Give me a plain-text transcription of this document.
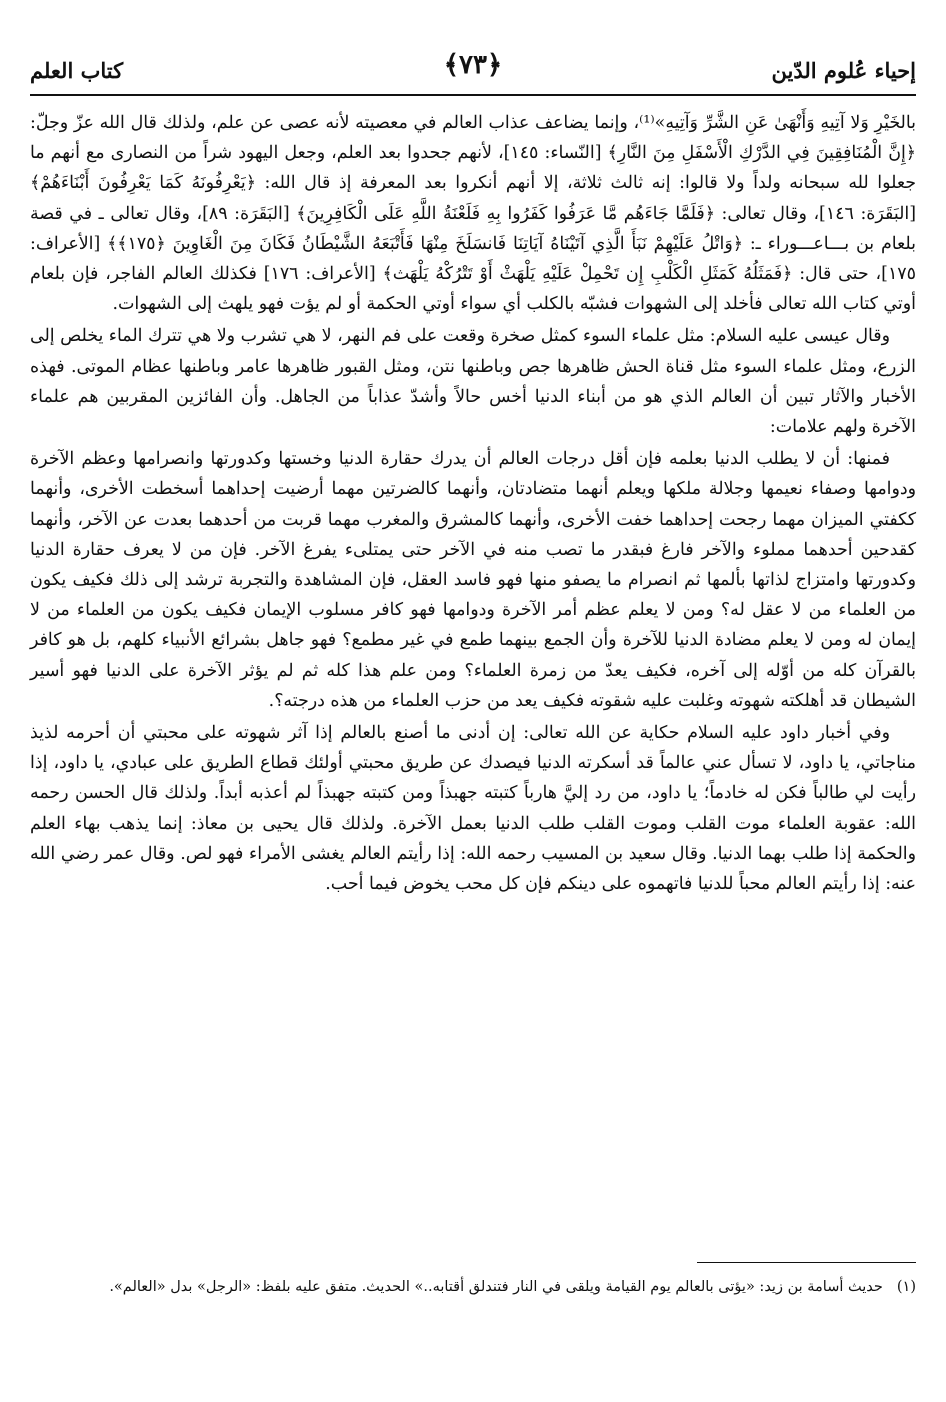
إحياء عُلوم الدّين
﴿٧٣﴾
كتاب العلم

بالخَيْرِ وَلا آتِيهِ وَأَنْهَىٰ عَنِ الشَّرِّ وَآتِيهِ»⁽¹⁾، وإنما يضاعف عذاب العالم في معصيته لأنه عصى عن علم، ولذلك قال الله عزّ وجلّ: ﴿إِنَّ الْمُنَافِقِينَ فِي الدَّرْكِ الْأَسْفَلِ مِنَ النَّارِ﴾ [النّساء: ١٤٥]، لأنهم جحدوا بعد العلم، وجعل اليهود شراً من النصارى مع أنهم ما جعلوا لله سبحانه ولداً ولا قالوا: إنه ثالث ثلاثة، إلا أنهم أنكروا بعد المعرفة إذ قال الله: ﴿يَعْرِفُونَهُ كَمَا يَعْرِفُونَ أَبْنَاءَهُمْ﴾ [البَقَرَة: ١٤٦]، وقال تعالى: ﴿فَلَمَّا جَاءَهُم مَّا عَرَفُوا كَفَرُوا بِهِ فَلَعْنَةُ اللَّهِ عَلَى الْكَافِرِينَ﴾ [البَقَرَة: ٨٩]، وقال تعالى ـ في قصة بلعام بن بـــاعـــوراء ـ: ﴿وَاتْلُ عَلَيْهِمْ نَبَأَ الَّذِي آتَيْنَاهُ آيَاتِنَا فَانسَلَخَ مِنْهَا فَأَتْبَعَهُ الشَّيْطَانُ فَكَانَ مِنَ الْغَاوِينَ ﴿١٧٥﴾﴾ [الأعراف: ١٧٥]، حتى قال: ﴿فَمَثَلُهُ كَمَثَلِ الْكَلْبِ إِن تَحْمِلْ عَلَيْهِ يَلْهَثْ أَوْ تَتْرُكْهُ يَلْهَث﴾ [الأعراف: ١٧٦] فكذلك العالم الفاجر، فإن بلعام أوتي كتاب الله تعالى فأخلد إلى الشهوات فشبّه بالكلب أي سواء أوتي الحكمة أو لم يؤت فهو يلهث إلى الشهوات.

وقال عيسى عليه السلام: مثل علماء السوء كمثل صخرة وقعت على فم النهر، لا هي تشرب ولا هي تترك الماء يخلص إلى الزرع، ومثل علماء السوء مثل قناة الحش ظاهرها جص وباطنها نتن، ومثل القبور ظاهرها عامر وباطنها عظام الموتى. فهذه الأخبار والآثار تبين أن العالم الذي هو من أبناء الدنيا أخس حالاً وأشدّ عذاباً من الجاهل. وأن الفائزين المقربين هم علماء الآخرة ولهم علامات:

فمنها: أن لا يطلب الدنيا بعلمه فإن أقل درجات العالم أن يدرك حقارة الدنيا وخستها وكدورتها وانصرامها وعظم الآخرة ودوامها وصفاء نعيمها وجلالة ملكها ويعلم أنهما متضادتان، وأنهما كالضرتين مهما أرضيت إحداهما أسخطت الأخرى، وأنهما ككفتي الميزان مهما رجحت إحداهما خفت الأخرى، وأنهما كالمشرق والمغرب مهما قربت من أحدهما بعدت عن الآخر، وأنهما كقدحين أحدهما مملوء والآخر فارغ فبقدر ما تصب منه في الآخر حتى يمتلىء يفرغ الآخر. فإن من لا يعرف حقارة الدنيا وكدورتها وامتزاج لذاتها بألمها ثم انصرام ما يصفو منها فهو فاسد العقل، فإن المشاهدة والتجربة ترشد إلى ذلك فكيف يكون من العلماء من لا عقل له؟ ومن لا يعلم عظم أمر الآخرة ودوامها فهو كافر مسلوب الإيمان فكيف يكون من العلماء من لا إيمان له ومن لا يعلم مضادة الدنيا للآخرة وأن الجمع بينهما طمع في غير مطمع؟ فهو جاهل بشرائع الأنبياء كلهم، بل هو كافر بالقرآن كله من أوّله إلى آخره، فكيف يعدّ من زمرة العلماء؟ ومن علم هذا كله ثم لم يؤثر الآخرة على الدنيا فهو أسير الشيطان قد أهلكته شهوته وغلبت عليه شقوته فكيف يعد من حزب العلماء من هذه درجته؟.

وفي أخبار داود عليه السلام حكاية عن الله تعالى: إن أدنى ما أصنع بالعالم إذا آثر شهوته على محبتي أن أحرمه لذيذ مناجاتي، يا داود، لا تسأل عني عالماً قد أسكرته الدنيا فيصدك عن طريق محبتي أولئك قطاع الطريق على عبادي، يا داود، إذا رأيت لي طالباً فكن له خادماً؛ يا داود، من رد إليَّ هارباً كتبته جهبذاً ومن كتبته جهبذاً لم أعذبه أبداً. ولذلك قال الحسن رحمه الله: عقوبة العلماء موت القلب وموت القلب طلب الدنيا بعمل الآخرة. ولذلك قال يحيى بن معاذ: إنما يذهب بهاء العلم والحكمة إذا طلب بهما الدنيا. وقال سعيد بن المسيب رحمه الله: إذا رأيتم العالم يغشى الأمراء فهو لص. وقال عمر رضي الله عنه: إذا رأيتم العالم محباً للدنيا فاتهموه على دينكم فإن كل محب يخوض فيما أحب.

(١)حديث أسامة بن زيد: «يؤتى بالعالم يوم القيامة ويلقى في النار فتندلق أقتابه..» الحديث. متفق عليه بلفظ: «الرجل» بدل «العالم».
